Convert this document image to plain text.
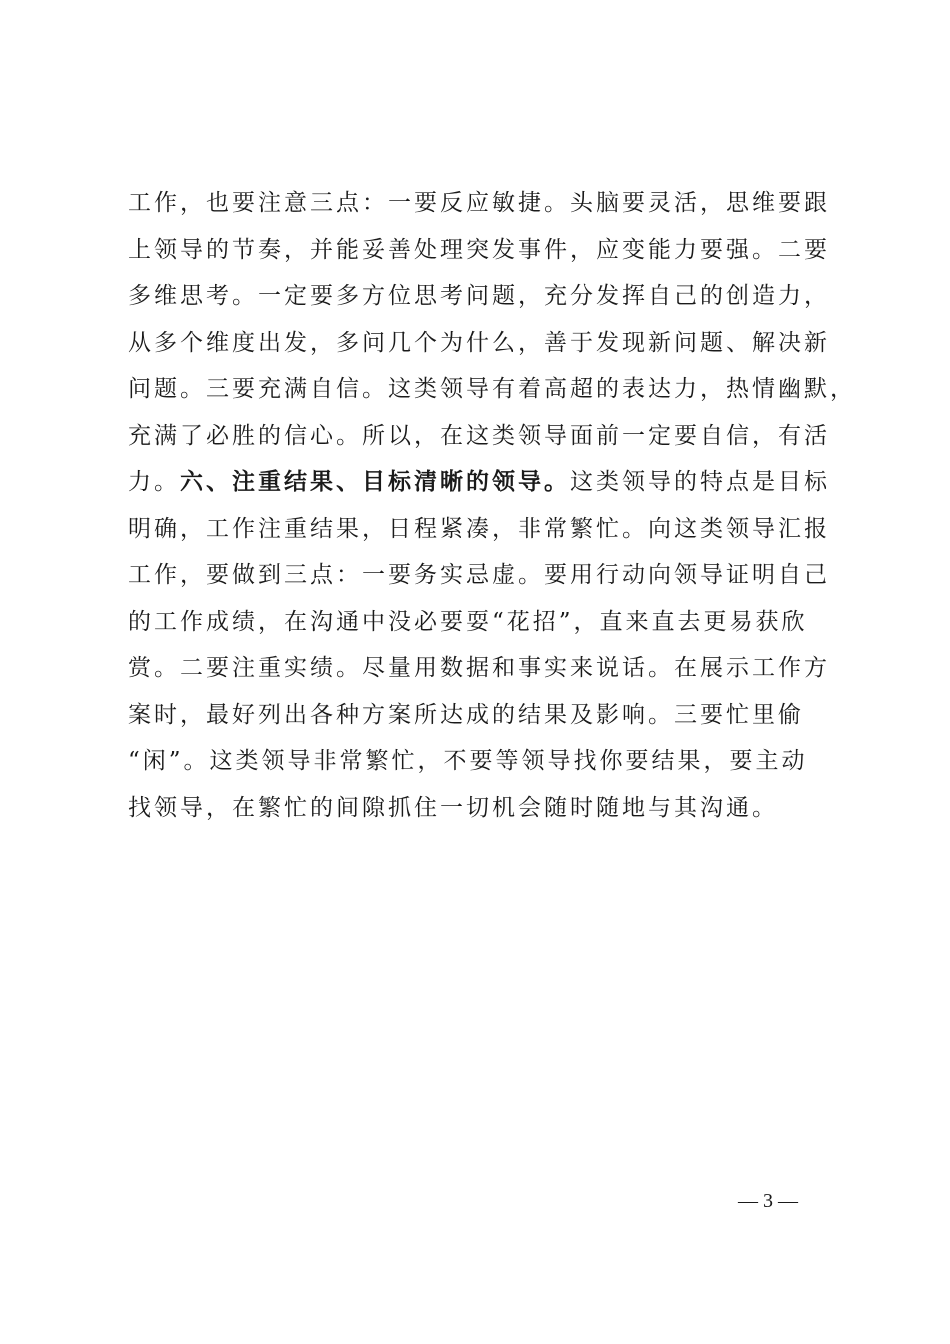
工作，也要注意三点：一要反应敏捷。头脑要灵活，思维要跟
上领导的节奏，并能妥善处理突发事件，应变能力要强。二要
多维思考。一定要多方位思考问题，充分发挥自己的创造力，
从多个维度出发，多问几个为什么，善于发现新问题、解决新
问题。三要充满自信。这类领导有着高超的表达力，热情幽默，
充满了必胜的信心。所以，在这类领导面前一定要自信，有活
力。六、注重结果、目标清晰的领导。这类领导的特点是目标
明确，工作注重结果，日程紧凑，非常繁忙。向这类领导汇报
工作，要做到三点：一要务实忌虚。要用行动向领导证明自己
的工作成绩，在沟通中没必要耍“花招”，直来直去更易获欣
赏。二要注重实绩。尽量用数据和事实来说话。在展示工作方
案时，最好列出各种方案所达成的结果及影响。三要忙里偷
“闲”。这类领导非常繁忙，不要等领导找你要结果，要主动
找领导，在繁忙的间隙抓住一切机会随时随地与其沟通。
— 3 —
